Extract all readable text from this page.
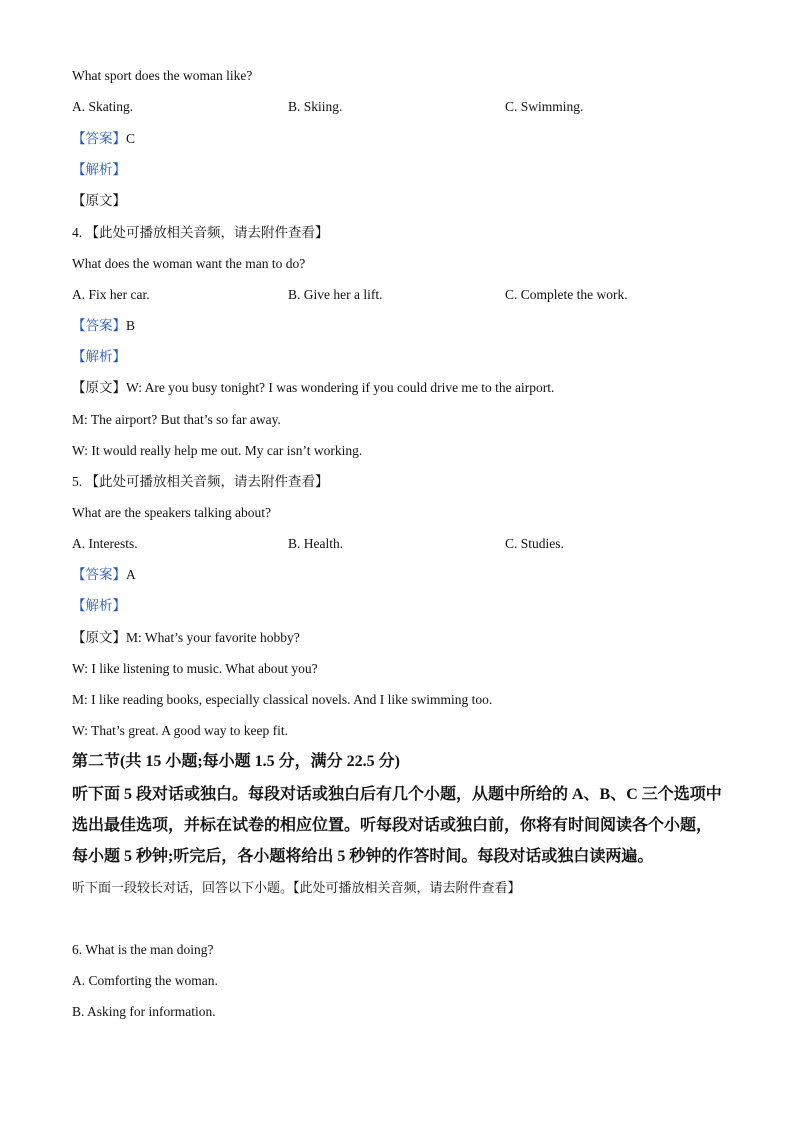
What sport does the woman like?
A. Skating.	B. Skiing.	C. Swimming.
【答案】C
【解析】
【原文】
4. 【此处可播放相关音频，请去附件查看】
What does the woman want the man to do?
A. Fix her car.	B. Give her a lift.	C. Complete the work.
【答案】B
【解析】
【原文】W: Are you busy tonight? I was wondering if you could drive me to the airport.
M: The airport? But that’s so far away.
W: It would really help me out. My car isn’t working.
5. 【此处可播放相关音频，请去附件查看】
What are the speakers talking about?
A. Interests.	B. Health.	C. Studies.
【答案】A
【解析】
【原文】M: What’s your favorite hobby?
W: I like listening to music. What about you?
M: I like reading books, especially classical novels. And I like swimming too.
W: That’s great. A good way to keep fit.
第二节(共 15 小题;每小题 1.5 分，满分 22.5 分)
听下面 5 段对话或独白。每段对话或独白后有几个小题，从题中所给的 A、B、C 三个选项中
选出最佳选项，并标在试卷的相应位置。听每段对话或独白前，你将有时间阅读各个小题，
每小题 5 秒钟;听完后，各小题将给出 5 秒钟的作答时间。每段对话或独白读两遍。
听下面一段较长对话，回答以下小题。【此处可播放相关音频，请去附件查看】
6. What is the man doing?
A. Comforting the woman.
B. Asking for information.
